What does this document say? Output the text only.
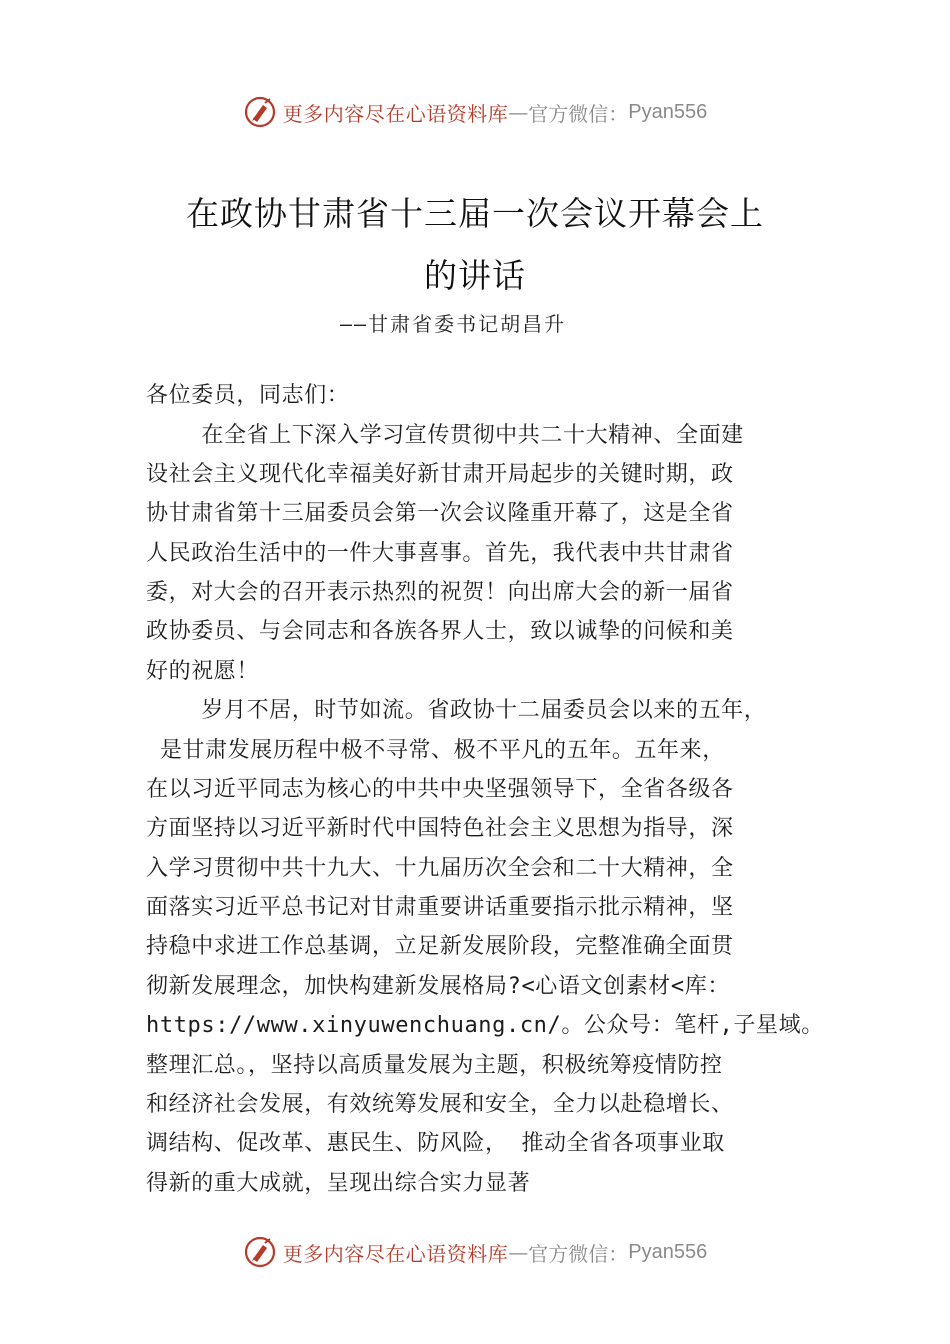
更多内容尽在心语资料库 — 官方微信： Pyan556
在政协甘肃省十三届一次会议开幕会上
的讲话
——甘肃省委书记胡昌升
各位委员，同志们：
在全省上下深入学习宣传贯彻中共二十大精神、全面建
设社会主义现代化幸福美好新甘肃开局起步的关键时期，政
协甘肃省第十三届委员会第一次会议隆重开幕了，这是全省
人民政治生活中的一件大事喜事。首先，我代表中共甘肃省
委，对大会的召开表示热烈的祝贺！向出席大会的新一届省
政协委员、与会同志和各族各界人士，致以诚挚的问候和美
好的祝愿！
岁月不居，时节如流。省政协十二届委员会以来的五年，
是甘肃发展历程中极不寻常、极不平凡的五年。五年来，
在以习近平同志为核心的中共中央坚强领导下，全省各级各
方面坚持以习近平新时代中国特色社会主义思想为指导，深
入学习贯彻中共十九大、十九届历次全会和二十大精神，全
面落实习近平总书记对甘肃重要讲话重要指示批示精神，坚
持稳中求进工作总基调，立足新发展阶段，完整准确全面贯
彻新发展理念，加快构建新发展格局?<心语文创素材<库：
https://www.xinyuwenchuang.cn/。公众号：笔杆,子星域。
整理汇总。，坚持以高质量发展为主题，积极统筹疫情防控
和经济社会发展，有效统筹发展和安全，全力以赴稳增长、
调结构、促改革、惠民生、防风险， 推动全省各项事业取
得新的重大成就，呈现出综合实力显著
更多内容尽在心语资料库 — 官方微信： Pyan556
